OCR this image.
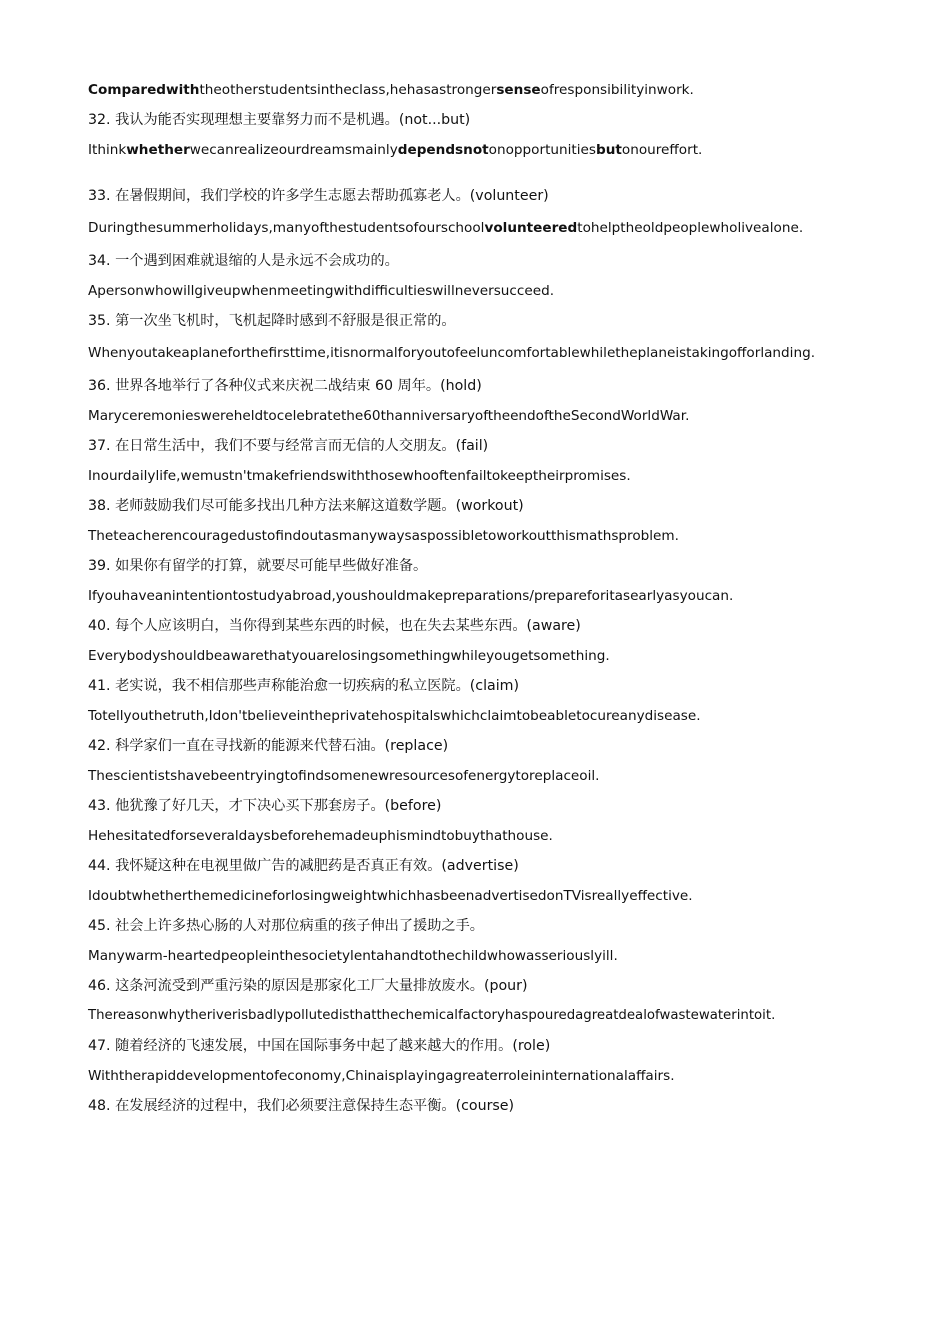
Comparedwiththeotherstudentsintheclass,hehasastrongersenseofresponsibilityinwork.

32. 我认为能否实现理想主要靠努力而不是机遇。(not...but)

Ithinkwhetherwecanrealizeourdreamsmainlydependsnotonopportunitiesbutonoureffort.

33. 在暑假期间，我们学校的许多学生志愿去帮助孤寡老人。(volunteer)

Duringthesummerholidays,manyofthestudentsofourschoolvolunteeredtohelptheoldpeoplewholivealone.

34. 一个遇到困难就退缩的人是永远不会成功的。

Apersonwhowillgiveupwhenmeetingwithdifficultieswillneversucceed.

35. 第一次坐飞机时，飞机起降时感到不舒服是很正常的。

Whenyoutakeaplaneforthefirsttime,itisnormalforyoutofeeluncomfortablewhiletheplaneistakingofforlanding.

36. 世界各地举行了各种仪式来庆祝二战结束 60 周年。(hold)

Maryceremonieswereheldtocelebratethe60thanniversaryoftheendoftheSecondWorldWar.

37. 在日常生活中，我们不要与经常言而无信的人交朋友。(fail)

Inourdailylife,wemustn'tmakefriendswiththosewhooftenfailtokeeptheirpromises.

38. 老师鼓励我们尽可能多找出几种方法来解这道数学题。(workout)

Theteacherencouragedustofindoutasmanywaysaspossibletoworkoutthismathsproblem.

39. 如果你有留学的打算，就要尽可能早些做好准备。

Ifyouhaveanintentiontostudyabroad,youshouldmakepreparations/prepareforitasearlyasyoucan.

40. 每个人应该明白，当你得到某些东西的时候，也在失去某些东西。(aware)

Everybodyshouldbeawarethatyouarelosingsomethingwhileyougetsomething.

41. 老实说，我不相信那些声称能治愈一切疾病的私立医院。(claim)

Totellyouthetruth,Idon'tbelieveintheprivatehospitalswhichclaimtobeabletocureanydisease.

42. 科学家们一直在寻找新的能源来代替石油。(replace)

Thescientistshavebeentryingtofindsomenewresourcesofenergytoreplaceoil.

43. 他犹豫了好几天，才下决心买下那套房子。(before)

Hehesitatedforseveraldaysbeforehemadeuphismindtobuythathouse.

44. 我怀疑这种在电视里做广告的减肥药是否真正有效。(advertise)

IdoubtwhetherthemedicineforlosingweightwhichhasbeenadvertisedonTVisreallyeffective.

45. 社会上许多热心肠的人对那位病重的孩子伸出了援助之手。

Manywarm-heartedpeopleinthesocietylentahandtothechildwhowasseriouslyill.

46. 这条河流受到严重污染的原因是那家化工厂大量排放废水。(pour)

Thereasonwhytheriverisbadlypollutedisthatthechemicalfactoryhaspouredagreatdealofwastewaterintoit.

47. 随着经济的飞速发展，中国在国际事务中起了越来越大的作用。(role)

Withtherapiddevelopmentofeconomy,Chinaisplayingagreaterroleininternationalaffairs.

48. 在发展经济的过程中，我们必须要注意保持生态平衡。(course)
